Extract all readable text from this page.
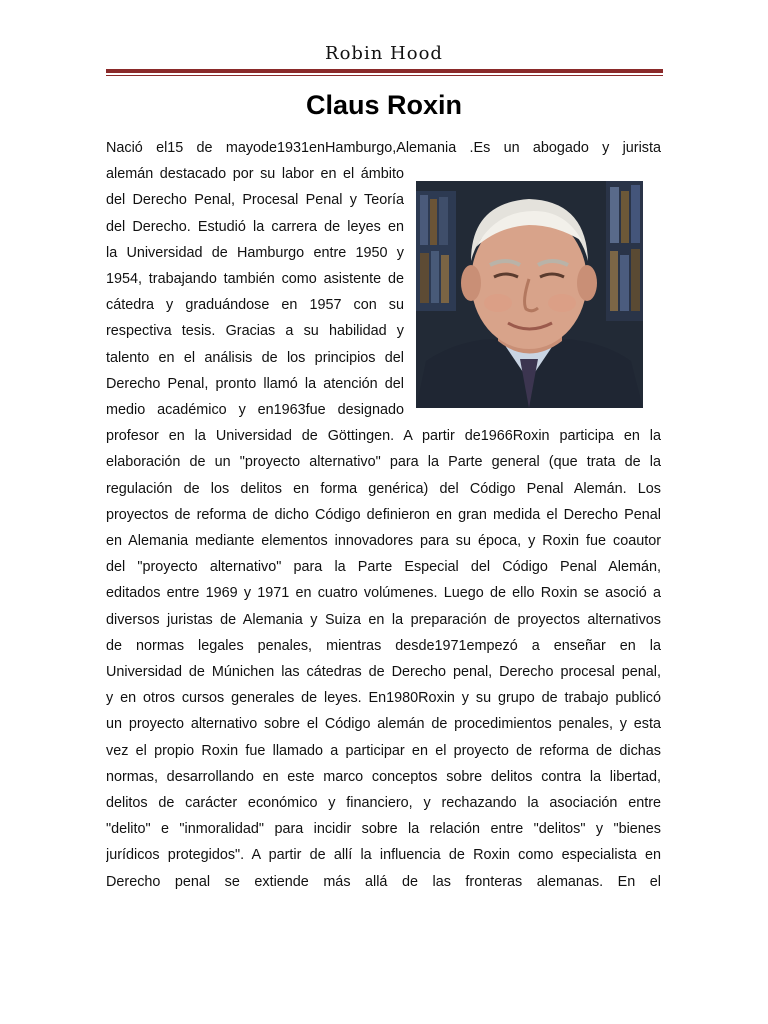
Robin Hood
Claus Roxin
Nació el15 de mayode1931enHamburgo,Alemania .Es un abogado y jurista
alemán destacado por su labor en el ámbito
del Derecho Penal, Procesal Penal y Teoría
del Derecho. Estudió la carrera de leyes en
la Universidad de Hamburgo entre 1950 y
1954, trabajando también como asistente de
cátedra y graduándose en 1957 con su
respectiva tesis. Gracias a su habilidad y
talento en el análisis de los principios del
Derecho Penal, pronto llamó la atención del
medio académico y en1963fue designado
profesor en la Universidad de Göttingen. A partir de1966Roxin participa en la
elaboración de un "proyecto alternativo" para la Parte general (que trata de la
regulación de los delitos en forma genérica) del Código Penal Alemán. Los
proyectos de reforma de dicho Código definieron en gran medida el Derecho Penal
en Alemania mediante elementos innovadores para su época, y Roxin fue coautor
del "proyecto alternativo" para la Parte Especial del Código Penal Alemán,
editados entre 1969 y 1971 en cuatro volúmenes. Luego de ello Roxin se asoció a
diversos juristas de Alemania y Suiza en la preparación de proyectos alternativos
de normas legales penales, mientras desde1971empezó a enseñar en la
Universidad de Múnichen las cátedras de Derecho penal, Derecho procesal penal,
y en otros cursos generales de leyes. En1980Roxin y su grupo de trabajo publicó
un proyecto alternativo sobre el Código alemán de procedimientos penales, y esta
vez el propio Roxin fue llamado a participar en el proyecto de reforma de dichas
normas, desarrollando en este marco conceptos sobre delitos contra la libertad,
delitos de carácter económico y financiero, y rechazando la asociación entre
"delito" e "inmoralidad" para incidir sobre la relación entre "delitos" y "bienes
jurídicos protegidos". A partir de allí la influencia de Roxin como especialista en
Derecho penal se extiende más allá de las fronteras alemanas. En el
